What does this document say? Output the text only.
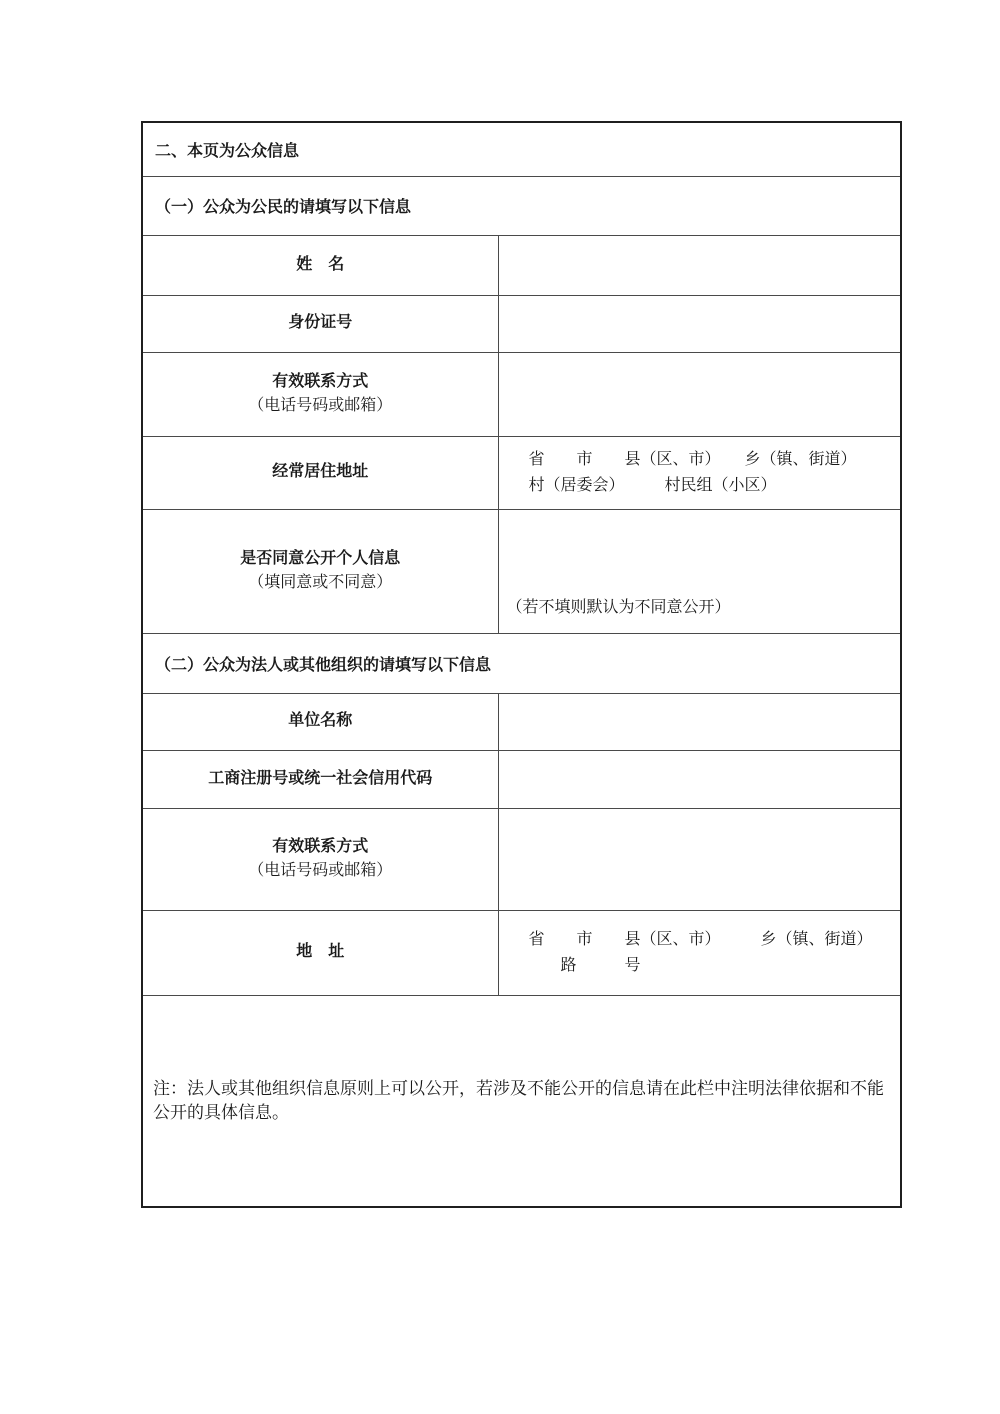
二、本页为公众信息	
（一）公众为公民的请填写以下信息	

姓　名	

身份证号	

有效联系方式
（电话号码或邮箱）	

经常居住地址	省　　市　　县（区、市）　　乡（镇、街道）
村（居委会）　　　村民组（小区）

是否同意公开个人信息
（填同意或不同意）	（若不填则默认为不同意公开）

（二）公众为法人或其他组织的请填写以下信息	

单位名称	

工商注册号或统一社会信用代码	

有效联系方式
（电话号码或邮箱）	

地　址	省　　市　　县（区、市）　　　乡（镇、街道）
　　路　　　号

注：法人或其他组织信息原则上可以公开，若涉及不能公开的信息请在此栏中注明法律依据和不能公开的具体信息。	
